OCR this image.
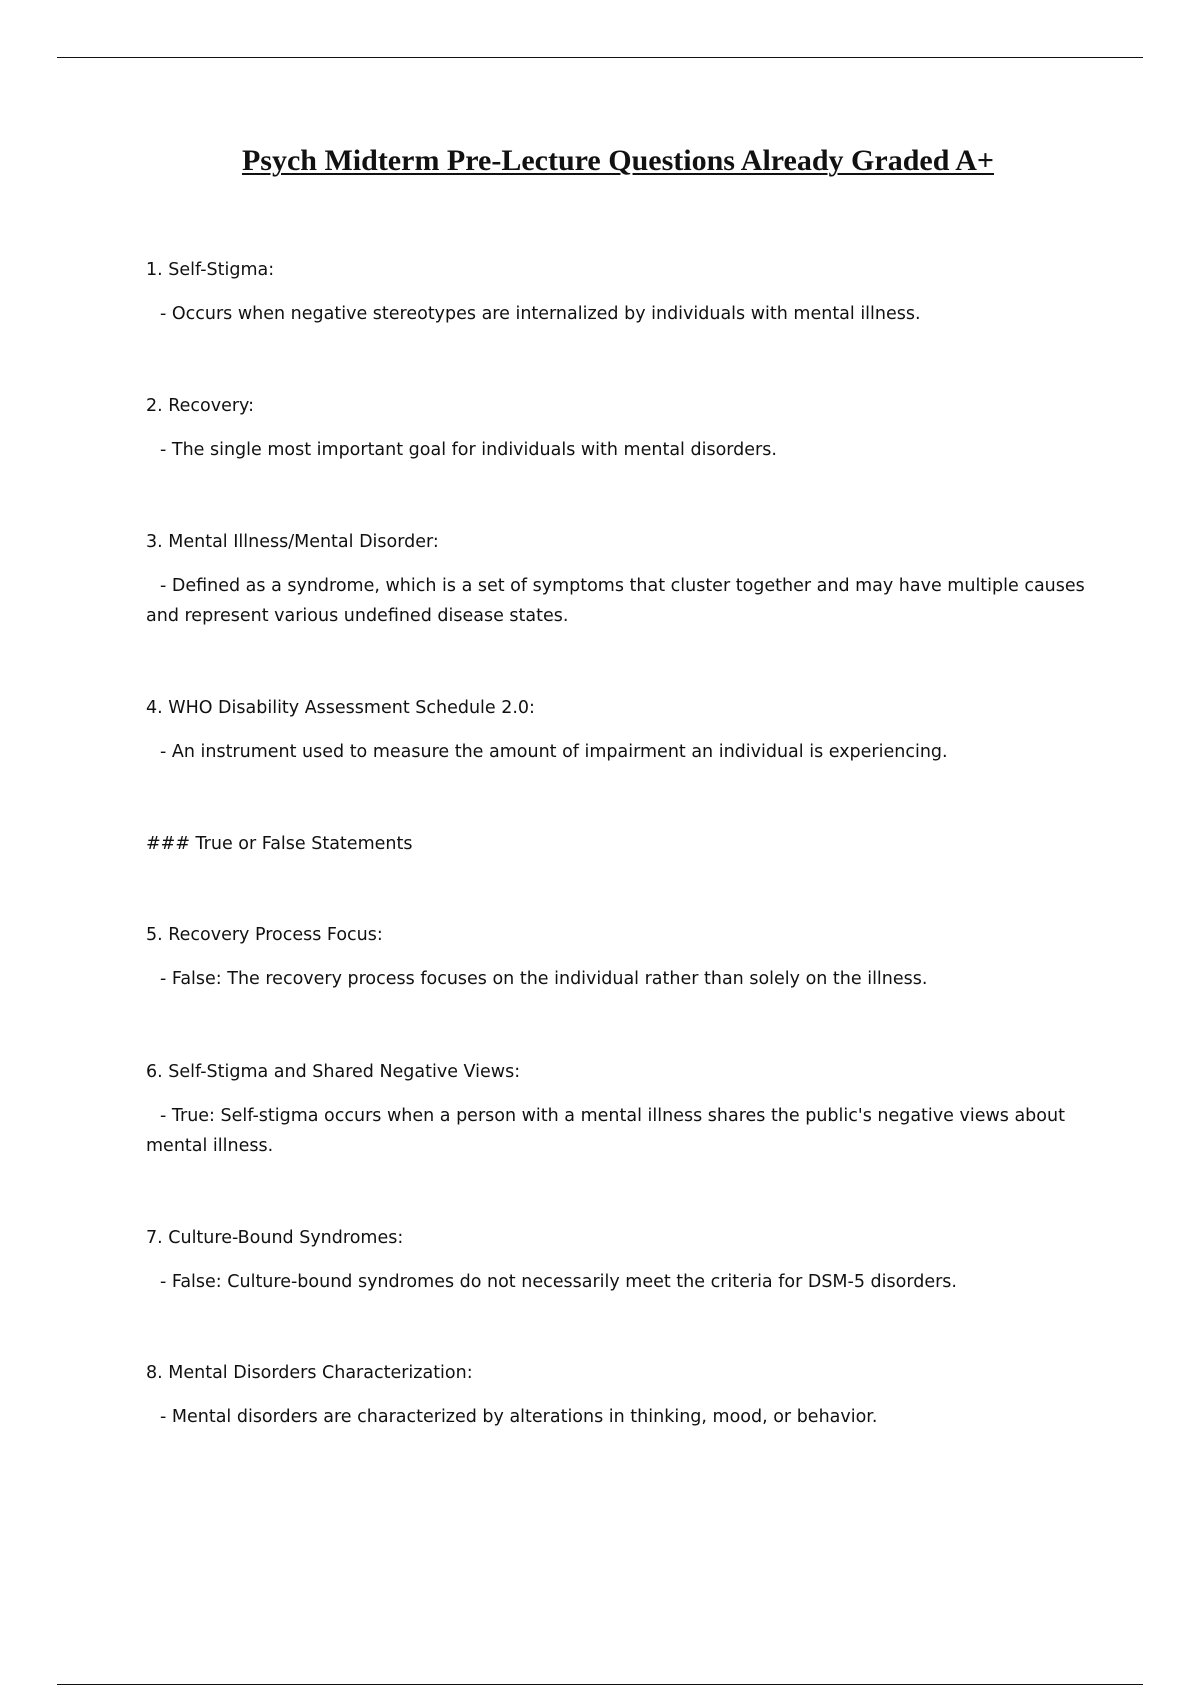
Psych Midterm Pre-Lecture Questions Already Graded A+

1. Self-Stigma:

- Occurs when negative stereotypes are internalized by individuals with mental illness.

2. Recovery:

- The single most important goal for individuals with mental disorders.

3. Mental Illness/Mental Disorder:

- Defined as a syndrome, which is a set of symptoms that cluster together and may have multiple causes and represent various undefined disease states.

4. WHO Disability Assessment Schedule 2.0:

- An instrument used to measure the amount of impairment an individual is experiencing.

### True or False Statements

5. Recovery Process Focus:

- False: The recovery process focuses on the individual rather than solely on the illness.

6. Self-Stigma and Shared Negative Views:

- True: Self-stigma occurs when a person with a mental illness shares the public's negative views about mental illness.

7. Culture-Bound Syndromes:

- False: Culture-bound syndromes do not necessarily meet the criteria for DSM-5 disorders.

8. Mental Disorders Characterization:

- Mental disorders are characterized by alterations in thinking, mood, or behavior.
